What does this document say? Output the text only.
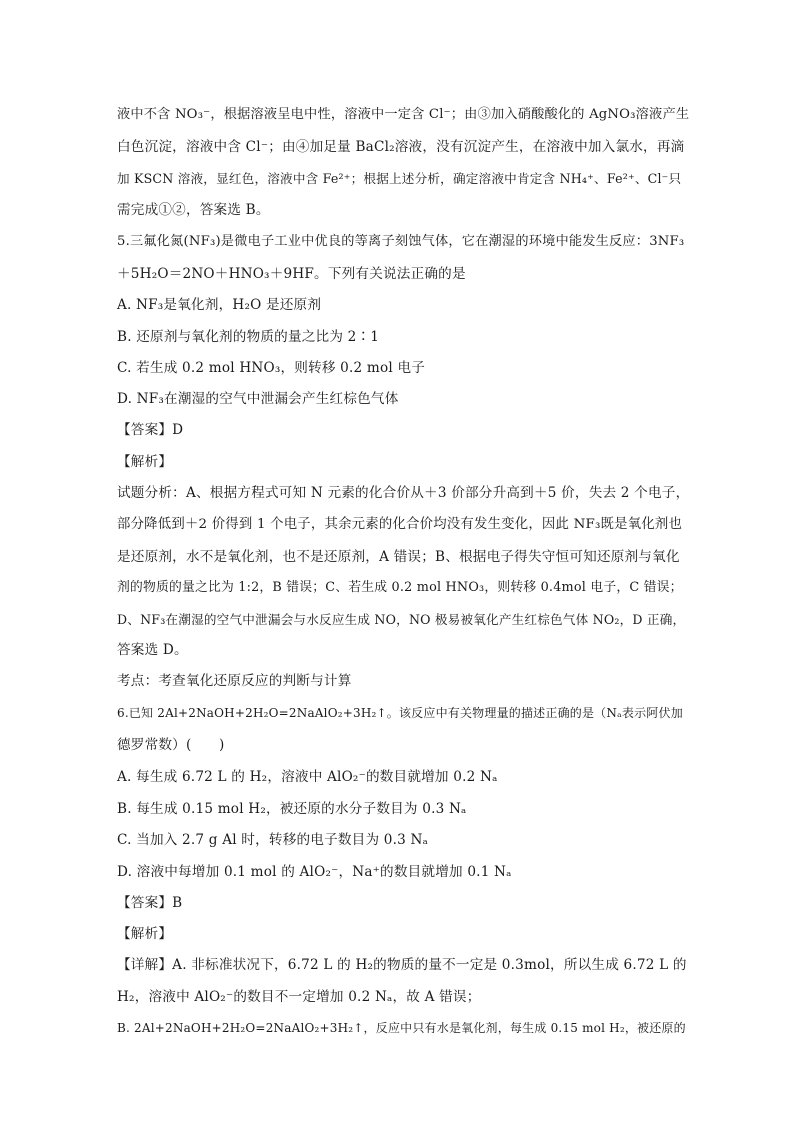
液中不含 NO₃⁻，根据溶液呈电中性，溶液中一定含 Cl⁻；由③加入硝酸酸化的 AgNO₃溶液产生
白色沉淀，溶液中含 Cl⁻；由④加足量 BaCl₂溶液，没有沉淀产生，在溶液中加入氯水，再滴
加 KSCN 溶液，显红色，溶液中含 Fe²⁺；根据上述分析，确定溶液中肯定含 NH₄⁺、Fe²⁺、Cl⁻只
需完成①②，答案选 B。
5.三氟化氮(NF₃)是微电子工业中优良的等离子刻蚀气体，它在潮湿的环境中能发生反应：3NF₃
＋5H₂O＝2NO＋HNO₃＋9HF。下列有关说法正确的是
A. NF₃是氧化剂，H₂O 是还原剂
B. 还原剂与氧化剂的物质的量之比为 2∶1
C. 若生成 0.2 mol HNO₃，则转移 0.2 mol 电子
D. NF₃在潮湿的空气中泄漏会产生红棕色气体
【答案】D
【解析】
试题分析：A、根据方程式可知 N 元素的化合价从＋3 价部分升高到＋5 价，失去 2 个电子，
部分降低到＋2 价得到 1 个电子，其余元素的化合价均没有发生变化，因此 NF₃既是氧化剂也
是还原剂，水不是氧化剂，也不是还原剂，A 错误；B、根据电子得失守恒可知还原剂与氧化
剂的物质的量之比为 1:2，B 错误；C、若生成 0.2 mol HNO₃，则转移 0.4mol 电子，C 错误；
D、NF₃在潮湿的空气中泄漏会与水反应生成 NO，NO 极易被氧化产生红棕色气体 NO₂，D 正确，
答案选 D。
考点：考查氧化还原反应的判断与计算
6.已知 2Al+2NaOH+2H₂O=2NaAlO₂+3H₂↑。该反应中有关物理量的描述正确的是（Nₐ表示阿伏加
德罗常数）(　　)
A. 每生成 6.72 L 的 H₂，溶液中 AlO₂⁻的数目就增加 0.2 Nₐ
B. 每生成 0.15 mol H₂，被还原的水分子数目为 0.3 Nₐ
C. 当加入 2.7 g Al 时，转移的电子数目为 0.3 Nₐ
D. 溶液中每增加 0.1 mol 的 AlO₂⁻，Na⁺的数目就增加 0.1 Nₐ
【答案】B
【解析】
【详解】A. 非标准状况下，6.72 L 的 H₂的物质的量不一定是 0.3mol，所以生成 6.72 L 的
H₂，溶液中 AlO₂⁻的数目不一定增加 0.2 Nₐ，故 A 错误；
B. 2Al+2NaOH+2H₂O=2NaAlO₂+3H₂↑，反应中只有水是氧化剂，每生成 0.15 mol H₂，被还原的
